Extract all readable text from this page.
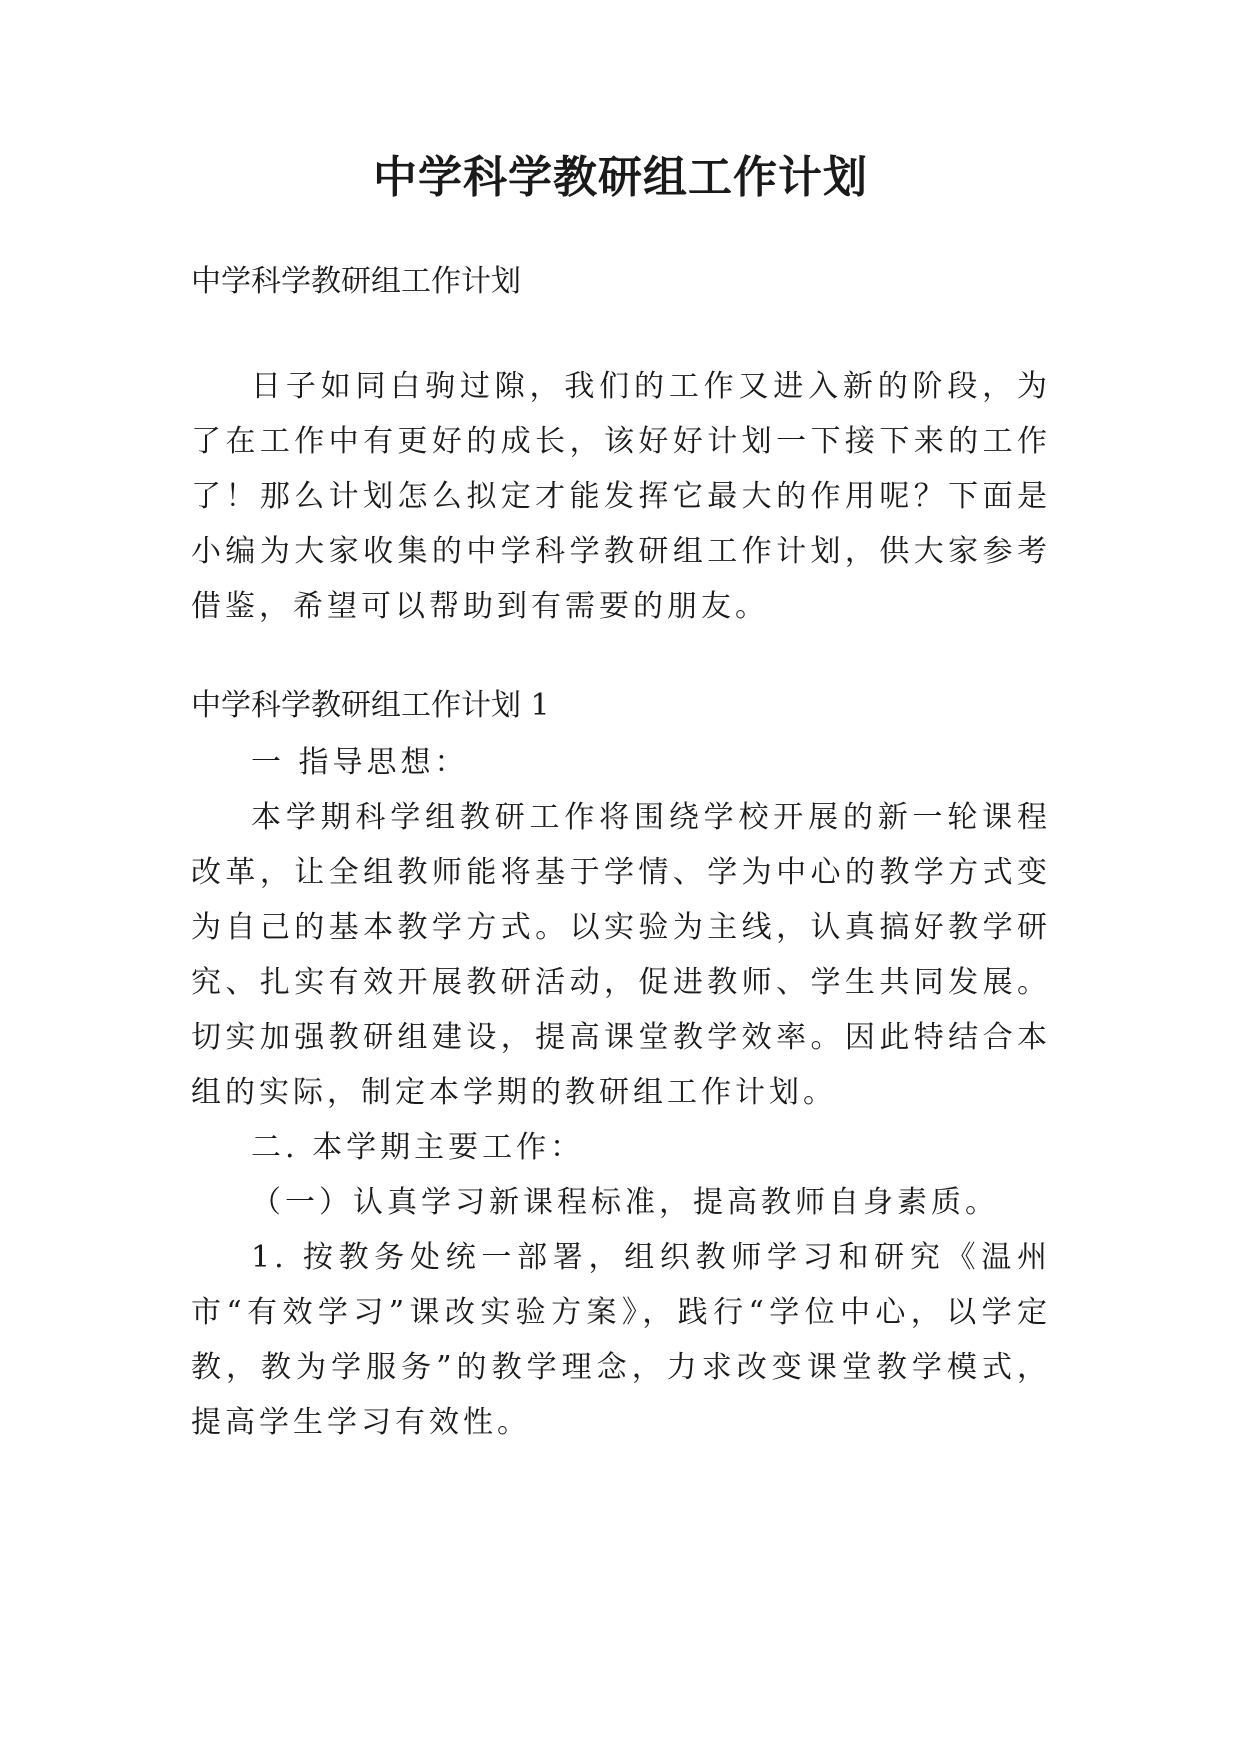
中学科学教研组工作计划

中学科学教研组工作计划

日子如同白驹过隙，我们的工作又进入新的阶段，为了在工作中有更好的成长，该好好计划一下接下来的工作了！那么计划怎么拟定才能发挥它最大的作用呢？下面是小编为大家收集的中学科学教研组工作计划，供大家参考借鉴，希望可以帮助到有需要的朋友。

中学科学教研组工作计划 1

一 指导思想：

本学期科学组教研工作将围绕学校开展的新一轮课程改革，让全组教师能将基于学情、学为中心的教学方式变为自己的基本教学方式。以实验为主线，认真搞好教学研究、扎实有效开展教研活动，促进教师、学生共同发展。切实加强教研组建设，提高课堂教学效率。因此特结合本组的实际，制定本学期的教研组工作计划。

二. 本学期主要工作：

（一）认真学习新课程标准，提高教师自身素质。

1. 按教务处统一部署，组织教师学习和研究《温州市“有效学习”课改实验方案》，践行“学位中心，以学定教，教为学服务”的教学理念，力求改变课堂教学模式，提高学生学习有效性。
